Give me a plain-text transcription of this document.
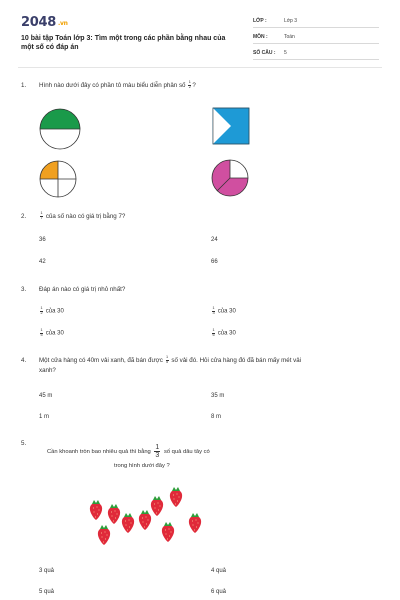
2048 .vn
10 bài tập Toán lớp 3: Tìm một trong các phần bằng nhau của một số có đáp án
LỚP :	Lớp 3
MÔN :	Toán
SỐ CÂU :	5
1. Hình nào dưới đây có phần tô màu biểu diễn phân số $\frac{1}{2}$ ?
2.	$\frac{1}{7}$ của số nào có giá trị bằng 7?
36	24
42	66
3. Đáp án nào có giá trị nhỏ nhất?
$\frac{1}{2}$ của 30	$\frac{1}{3}$ của 30
$\frac{1}{5}$ của 30	$\frac{1}{6}$ của 30
4. Một cửa hàng có 40m vải xanh, đã bán được $\frac{1}{5}$ số vải đó. Hỏi cửa hàng đó đã bán mấy mét vải
xanh?
45 m	35 m
1 m	8 m
5.
Cần khoanh tròn bao nhiêu quả thì bằng $\frac{1}{3}$ số quả dâu tây có
trong hình dưới đây ?
3 quả	4 quả
5 quả	6 quả
